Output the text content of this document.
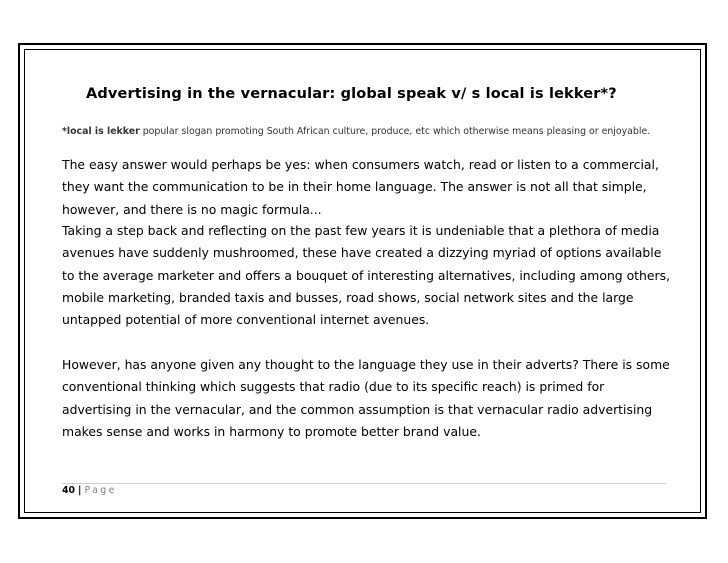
Advertising in the vernacular: global speak v/ s local is lekker*?

*local is lekker popular slogan promoting South African culture, produce, etc which otherwise means pleasing or enjoyable.

The easy answer would perhaps be yes: when consumers watch, read or listen to a commercial, they want the communication to be in their home language. The answer is not all that simple, however, and there is no magic formula...

Taking a step back and reflecting on the past few years it is undeniable that a plethora of media avenues have suddenly mushroomed, these have created a dizzying myriad of options available to the average marketer and offers a bouquet of interesting alternatives, including among others, mobile marketing, branded taxis and busses, road shows, social network sites and the large untapped potential of more conventional internet avenues.

However, has anyone given any thought to the language they use in their adverts? There is some conventional thinking which suggests that radio (due to its specific reach) is primed for advertising in the vernacular, and the common assumption is that vernacular radio advertising makes sense and works in harmony to promote better brand value.

40 | Page
